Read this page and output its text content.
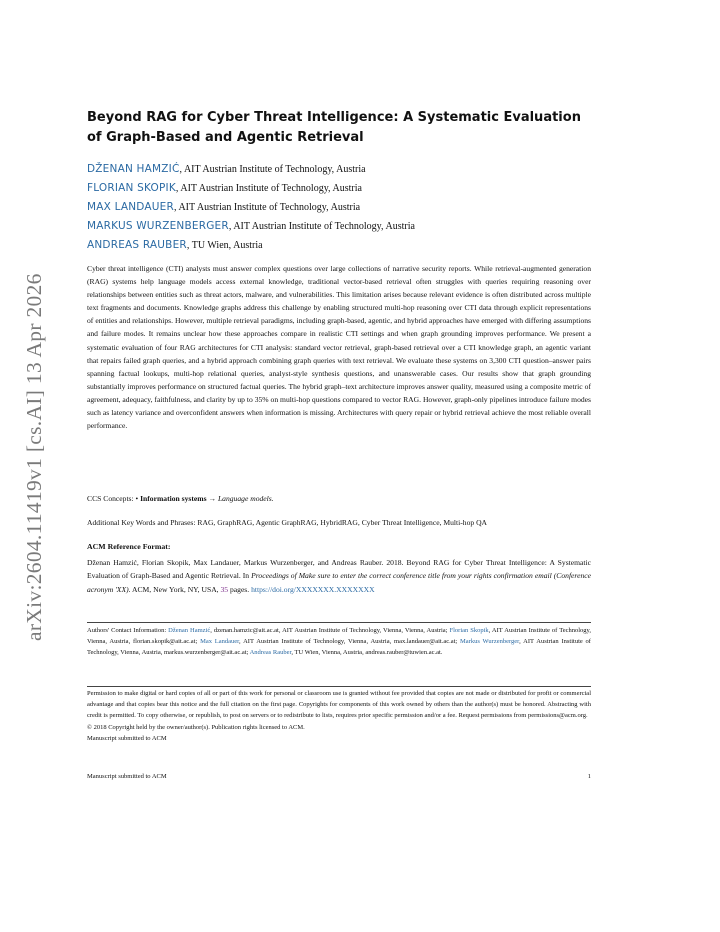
arXiv:2604.11419v1 [cs.AI] 13 Apr 2026
Beyond RAG for Cyber Threat Intelligence: A Systematic Evaluation of Graph-Based and Agentic Retrieval
DŽENAN HAMZIĆ, AIT Austrian Institute of Technology, Austria
FLORIAN SKOPIK, AIT Austrian Institute of Technology, Austria
MAX LANDAUER, AIT Austrian Institute of Technology, Austria
MARKUS WURZENBERGER, AIT Austrian Institute of Technology, Austria
ANDREAS RAUBER, TU Wien, Austria

Cyber threat intelligence (CTI) analysts must answer complex questions over large collections of narrative security reports. While retrieval-augmented generation (RAG) systems help language models access external knowledge, traditional vector-based retrieval often struggles with queries requiring reasoning over relationships between entities such as threat actors, malware, and vulnerabilities. This limitation arises because relevant evidence is often distributed across multiple text fragments and documents. Knowledge graphs address this challenge by enabling structured multi-hop reasoning over CTI data through explicit representations of entities and relationships. However, multiple retrieval paradigms, including graph-based, agentic, and hybrid approaches have emerged with differing assumptions and failure modes. It remains unclear how these approaches compare in realistic CTI settings and when graph grounding improves performance. We present a systematic evaluation of four RAG architectures for CTI analysis: standard vector retrieval, graph-based retrieval over a CTI knowledge graph, an agentic variant that repairs failed graph queries, and a hybrid approach combining graph queries with text retrieval. We evaluate these systems on 3,300 CTI question–answer pairs spanning factual lookups, multi-hop relational queries, analyst-style synthesis questions, and unanswerable cases. Our results show that graph grounding substantially improves performance on structured factual queries. The hybrid graph–text architecture improves answer quality, measured using a composite metric of agreement, adequacy, faithfulness, and clarity by up to 35% on multi-hop questions compared to vector RAG. However, graph-only pipelines introduce failure modes such as latency variance and overconfident answers when information is missing. Architectures with query repair or hybrid retrieval achieve the most reliable overall performance.

CCS Concepts: • Information systems → Language models.
Additional Key Words and Phrases: RAG, GraphRAG, Agentic GraphRAG, HybridRAG, Cyber Threat Intelligence, Multi-hop QA
ACM Reference Format:

Dženan Hamzić, Florian Skopik, Max Landauer, Markus Wurzenberger, and Andreas Rauber. 2018. Beyond RAG for Cyber Threat Intelligence: A Systematic Evaluation of Graph-Based and Agentic Retrieval. In Proceedings of Make sure to enter the correct conference title from your rights confirmation email (Conference acronym 'XX). ACM, New York, NY, USA, 35 pages. https://doi.org/XXXXXXX.XXXXXXX

Authors' Contact Information: Dženan Hamzić, dzenan.hamzic@ait.ac.at, AIT Austrian Institute of Technology, Vienna, Vienna, Austria; Florian Skopik, AIT Austrian Institute of Technology, Vienna, Austria, florian.skopik@ait.ac.at; Max Landauer, AIT Austrian Institute of Technology, Vienna, Austria, max.landauer@ait.ac.at; Markus Wurzenberger, AIT Austrian Institute of Technology, Vienna, Austria, markus.wurzenberger@ait.ac.at; Andreas Rauber, TU Wien, Vienna, Austria, andreas.rauber@tuwien.ac.at.

Permission to make digital or hard copies of all or part of this work for personal or classroom use is granted without fee provided that copies are not made or distributed for profit or commercial advantage and that copies bear this notice and the full citation on the first page. Copyrights for components of this work owned by others than the author(s) must be honored. Abstracting with credit is permitted. To copy otherwise, or republish, to post on servers or to redistribute to lists, requires prior specific permission and/or a fee. Request permissions from permissions@acm.org.
© 2018 Copyright held by the owner/author(s). Publication rights licensed to ACM.
Manuscript submitted to ACM
Manuscript submitted to ACM	1
